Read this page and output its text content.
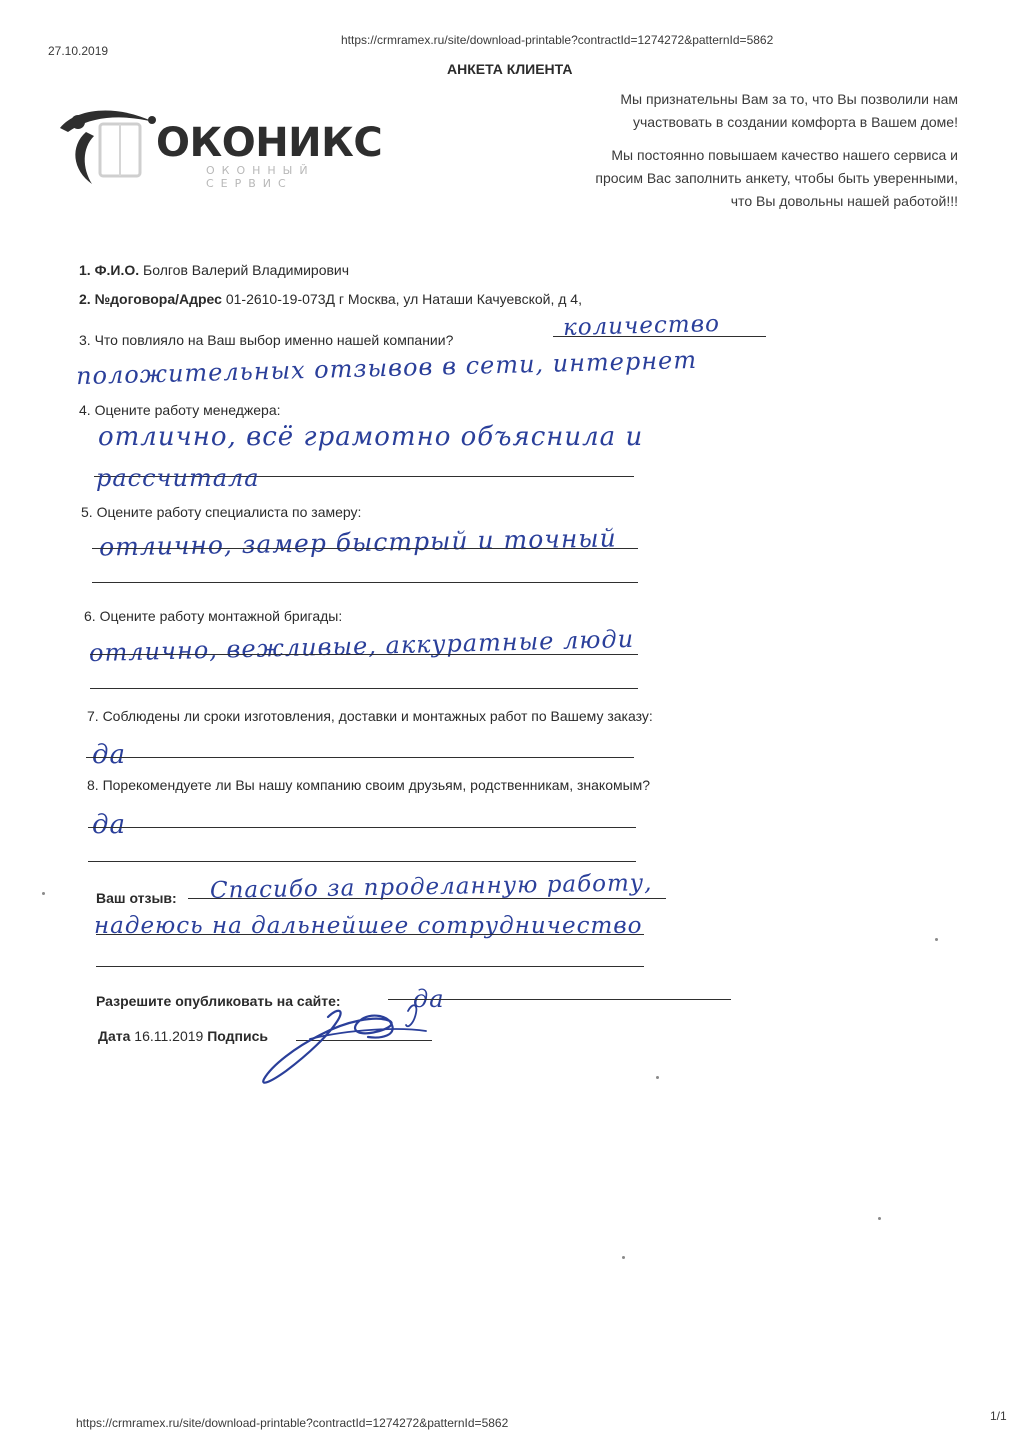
27.10.2019
https://crmramex.ru/site/download-printable?contractId=1274272&patternId=5862
АНКЕТА КЛИЕНТА
ОКОНИКС
ОКОННЫЙ СЕРВИС
Мы признательны Вам за то, что Вы позволили нам
участвовать в создании комфорта в Вашем доме!
Мы постоянно повышаем качество нашего сервиса и
просим Вас заполнить анкету, чтобы быть уверенными,
что Вы довольны нашей работой!!!
1. Ф.И.О. Болгов Валерий Владимирович
2. №договора/Адрес 01-2610-19-073Д г Москва, ул Наташи Качуевской, д 4,
3. Что повлияло на Ваш выбор именно нашей компании?	количество
положительных отзывов в сети, интернет
4. Оцените работу менеджера:
отлично, всё грамотно объяснила и
рассчитала
5. Оцените работу специалиста по замеру:
отлично, замер быстрый и точный
6. Оцените работу монтажной бригады:
отлично, вежливые, аккуратные люди
7. Соблюдены ли сроки изготовления, доставки и монтажных работ по Вашему заказу:
да
8. Порекомендуете ли Вы нашу компанию своим друзьям, родственникам, знакомым?
да
Ваш отзыв: Спасибо за проделанную работу,
надеюсь на дальнейшее сотрудничество
Разрешите опубликовать на сайте:	да
Дата 16.11.2019 Подпись
https://crmramex.ru/site/download-printable?contractId=1274272&patternId=5862	1/1
